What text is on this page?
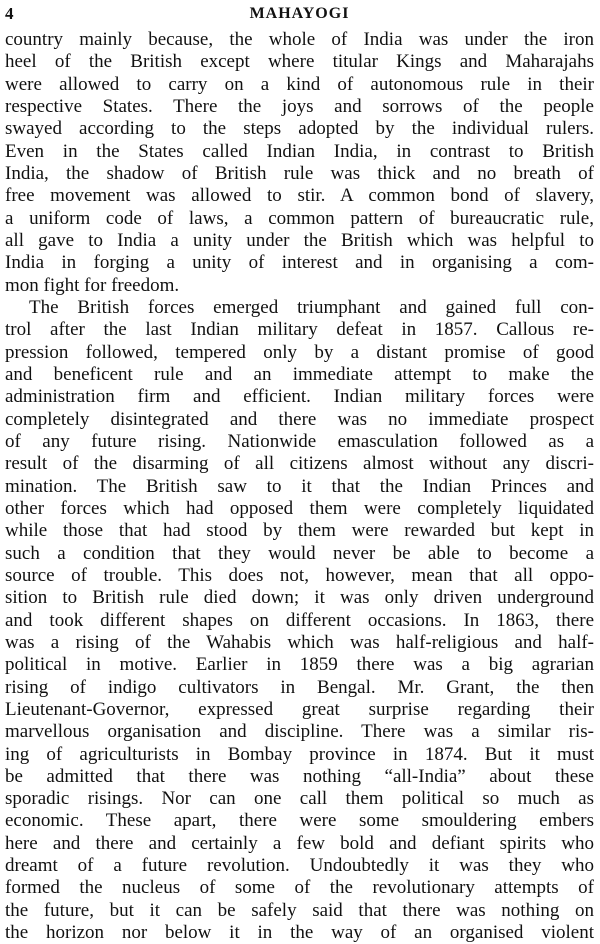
4	MAHAYOGI
country mainly because, the whole of India was under the iron
heel of the British except where titular Kings and Maharajahs
were allowed to carry on a kind of autonomous rule in their
respective States. There the joys and sorrows of the people
swayed according to the steps adopted by the individual rulers.
Even in the States called Indian India, in contrast to British
India, the shadow of British rule was thick and no breath of
free movement was allowed to stir. A common bond of slavery,
a uniform code of laws, a common pattern of bureaucratic rule,
all gave to India a unity under the British which was helpful to
India in forging a unity of interest and in organising a com-
mon fight for freedom.
The British forces emerged triumphant and gained full con-
trol after the last Indian military defeat in 1857. Callous re-
pression followed, tempered only by a distant promise of good
and beneficent rule and an immediate attempt to make the
administration firm and efficient. Indian military forces were
completely disintegrated and there was no immediate prospect
of any future rising. Nationwide emasculation followed as a
result of the disarming of all citizens almost without any discri-
mination. The British saw to it that the Indian Princes and
other forces which had opposed them were completely liquidated
while those that had stood by them were rewarded but kept in
such a condition that they would never be able to become a
source of trouble. This does not, however, mean that all oppo-
sition to British rule died down; it was only driven underground
and took different shapes on different occasions. In 1863, there
was a rising of the Wahabis which was half-religious and half-
political in motive. Earlier in 1859 there was a big agrarian
rising of indigo cultivators in Bengal. Mr. Grant, the then
Lieutenant-Governor, expressed great surprise regarding their
marvellous organisation and discipline. There was a similar ris-
ing of agriculturists in Bombay province in 1874. But it must
be admitted that there was nothing “all-India” about these
sporadic risings. Nor can one call them political so much as
economic. These apart, there were some smouldering embers
here and there and certainly a few bold and defiant spirits who
dreamt of a future revolution. Undoubtedly it was they who
formed the nucleus of some of the revolutionary attempts of
the future, but it can be safely said that there was nothing on
the horizon nor below it in the way of an organised violent
